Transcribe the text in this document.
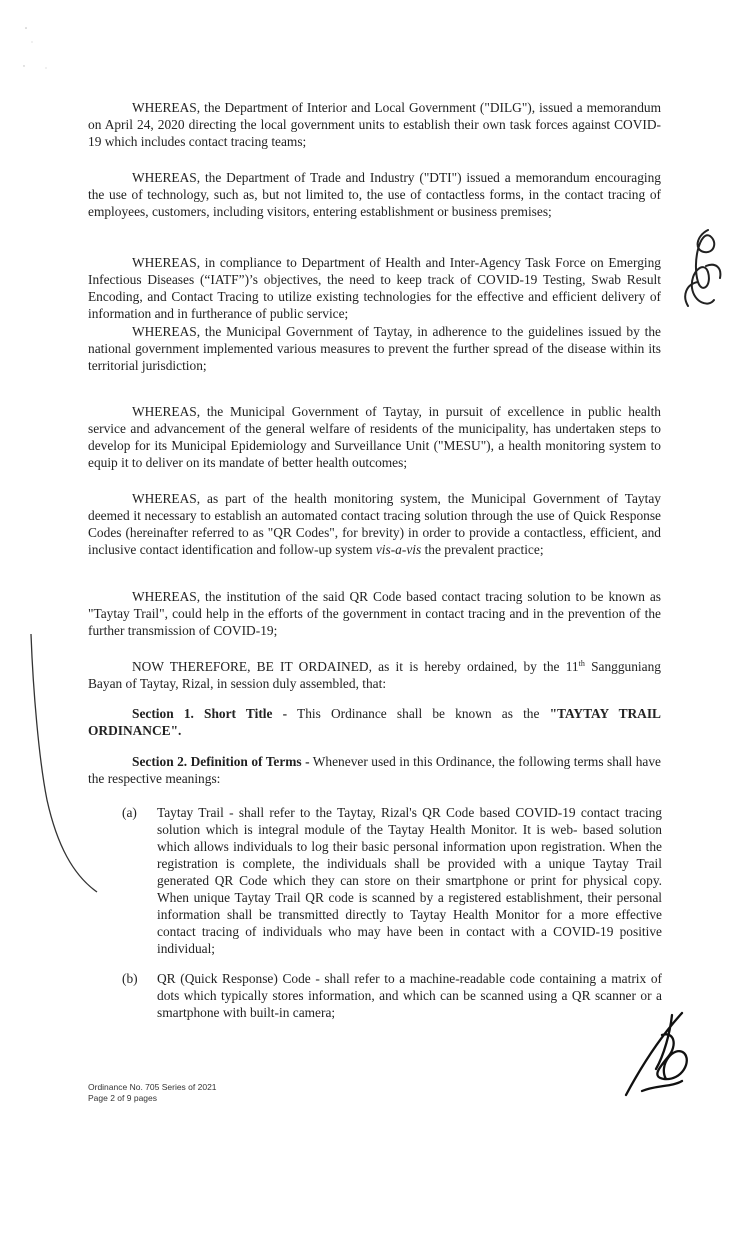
WHEREAS, the Department of Interior and Local Government ("DILG"), issued a memorandum on April 24, 2020 directing the local government units to establish their own task forces against COVID-19 which includes contact tracing teams;

WHEREAS, the Department of Trade and Industry ("DTI") issued a memorandum encouraging the use of technology, such as, but not limited to, the use of contactless forms, in the contact tracing of employees, customers, including visitors, entering establishment or business premises;

WHEREAS, in compliance to Department of Health and Inter-Agency Task Force on Emerging Infectious Diseases (“IATF”)’s objectives, the need to keep track of COVID-19 Testing, Swab Result Encoding, and Contact Tracing to utilize existing technologies for the effective and efficient delivery of information and in furtherance of public service;

WHEREAS, the Municipal Government of Taytay, in adherence to the guidelines issued by the national government implemented various measures to prevent the further spread of the disease within its territorial jurisdiction;

WHEREAS, the Municipal Government of Taytay, in pursuit of excellence in public health service and advancement of the general welfare of residents of the municipality, has undertaken steps to develop for its Municipal Epidemiology and Surveillance Unit ("MESU"), a health monitoring system to equip it to deliver on its mandate of better health outcomes;

WHEREAS, as part of the health monitoring system, the Municipal Government of Taytay deemed it necessary to establish an automated contact tracing solution through the use of Quick Response Codes (hereinafter referred to as "QR Codes", for brevity) in order to provide a contactless, efficient, and inclusive contact identification and follow-up system vis-a-vis the prevalent practice;

WHEREAS, the institution of the said QR Code based contact tracing solution to be known as "Taytay Trail", could help in the efforts of the government in contact tracing and in the prevention of the further transmission of COVID-19;

NOW THEREFORE, BE IT ORDAINED, as it is hereby ordained, by the 11th Sangguniang Bayan of Taytay, Rizal, in session duly assembled, that:

Section 1. Short Title - This Ordinance shall be known as the "TAYTAY TRAIL ORDINANCE".

Section 2. Definition of Terms - Whenever used in this Ordinance, the following terms shall have the respective meanings:

(a)	Taytay Trail - shall refer to the Taytay, Rizal's QR Code based COVID-19 contact tracing solution which is integral module of the Taytay Health Monitor. It is web- based solution which allows individuals to log their basic personal information upon registration. When the registration is complete, the individuals shall be provided with a unique Taytay Trail generated QR Code which they can store on their smartphone or print for physical copy. When unique Taytay Trail QR code is scanned by a registered establishment, their personal information shall be transmitted directly to Taytay Health Monitor for a more effective contact tracing of individuals who may have been in contact with a COVID-19 positive individual;
(b)	QR (Quick Response) Code - shall refer to a machine-readable code containing a matrix of dots which typically stores information, and which can be scanned using a QR scanner or a smartphone with built-in camera;
Ordinance No. 705 Series of 2021
Page 2 of 9 pages
